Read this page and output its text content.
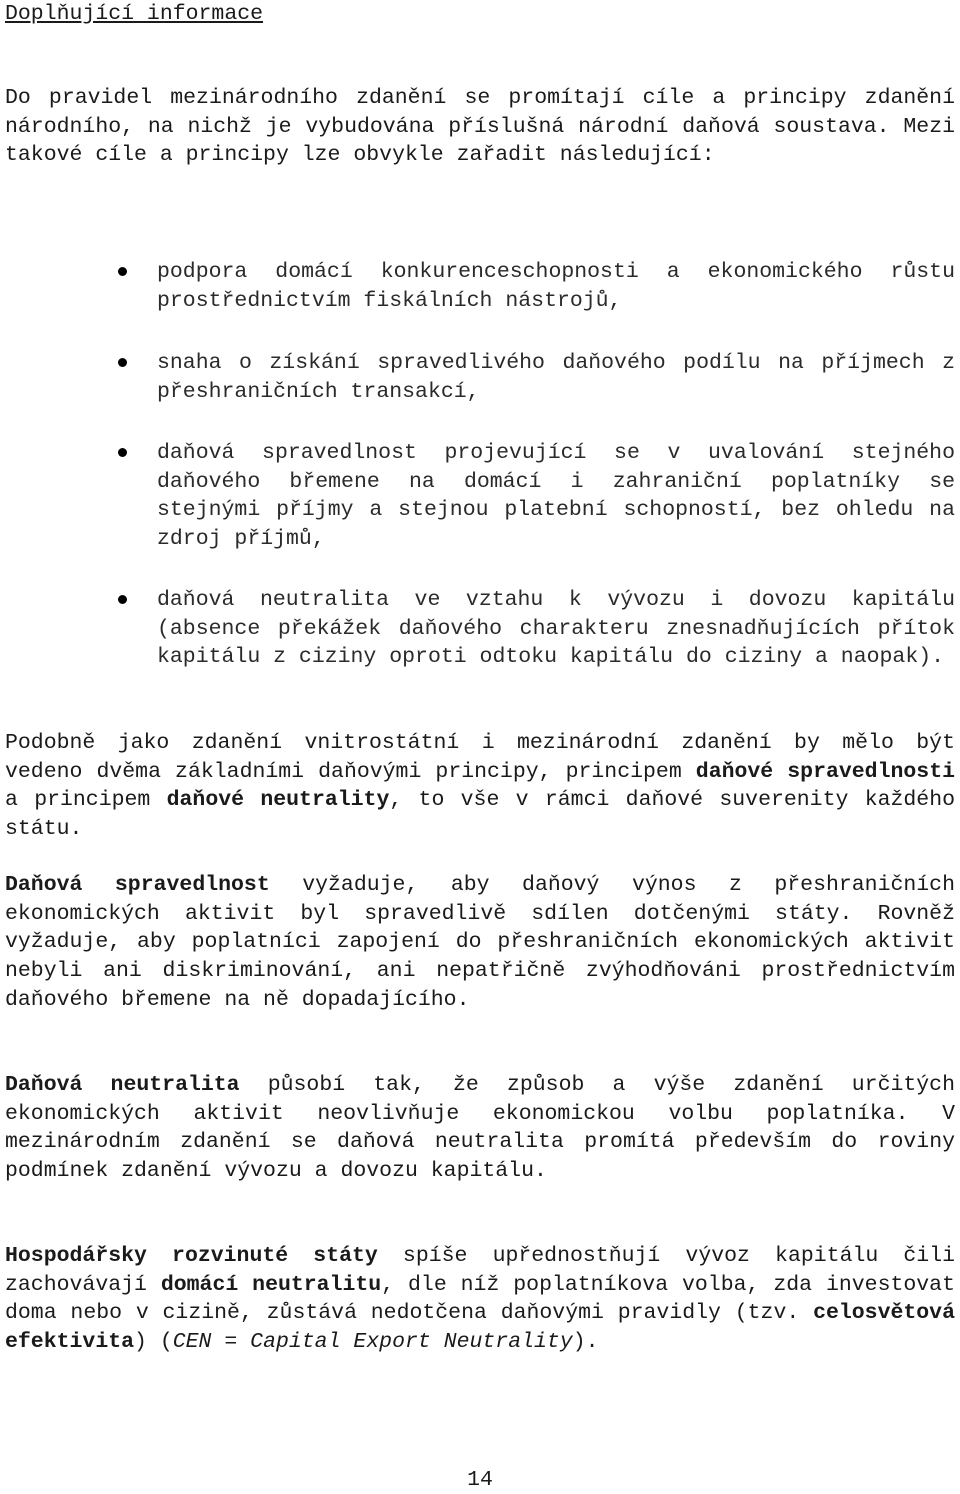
Doplňující informace

Do pravidel mezinárodního zdanění se promítají cíle a principy zdanění národního, na nichž je vybudována příslušná národní daňová soustava. Mezi takové cíle a principy lze obvykle zařadit následující:

podpora domácí konkurenceschopnosti a ekonomického růstu prostřednictvím fiskálních nástrojů,
snaha o získání spravedlivého daňového podílu na příjmech z přeshraničních transakcí,
daňová spravedlnost projevující se v uvalování stejného daňového břemene na domácí i zahraniční poplatníky se stejnými příjmy a stejnou platební schopností, bez ohledu na zdroj příjmů,
daňová neutralita ve vztahu k vývozu i dovozu kapitálu (absence překážek daňového charakteru znesnadňujících přítok kapitálu z ciziny oproti odtoku kapitálu do ciziny a naopak).

Podobně jako zdanění vnitrostátní i mezinárodní zdanění by mělo být vedeno dvěma základními daňovými principy, principem daňové spravedlnosti a principem daňové neutrality, to vše v rámci daňové suverenity každého státu.

Daňová spravedlnost vyžaduje, aby daňový výnos z přeshraničních ekonomických aktivit byl spravedlivě sdílen dotčenými státy. Rovněž vyžaduje, aby poplatníci zapojení do přeshraničních ekonomických aktivit nebyli ani diskriminování, ani nepatřičně zvýhodňováni prostřednictvím daňového břemene na ně dopadajícího.

Daňová neutralita působí tak, že způsob a výše zdanění určitých ekonomických aktivit neovlivňuje ekonomickou volbu poplatníka. V mezinárodním zdanění se daňová neutralita promítá především do roviny podmínek zdanění vývozu a dovozu kapitálu.

Hospodářsky rozvinuté státy spíše upřednostňují vývoz kapitálu čili zachovávají domácí neutralitu, dle níž poplatníkova volba, zda investovat doma nebo v cizině, zůstává nedotčena daňovými pravidly (tzv. celosvětová efektivita) (CEN = Capital Export Neutrality).

14
